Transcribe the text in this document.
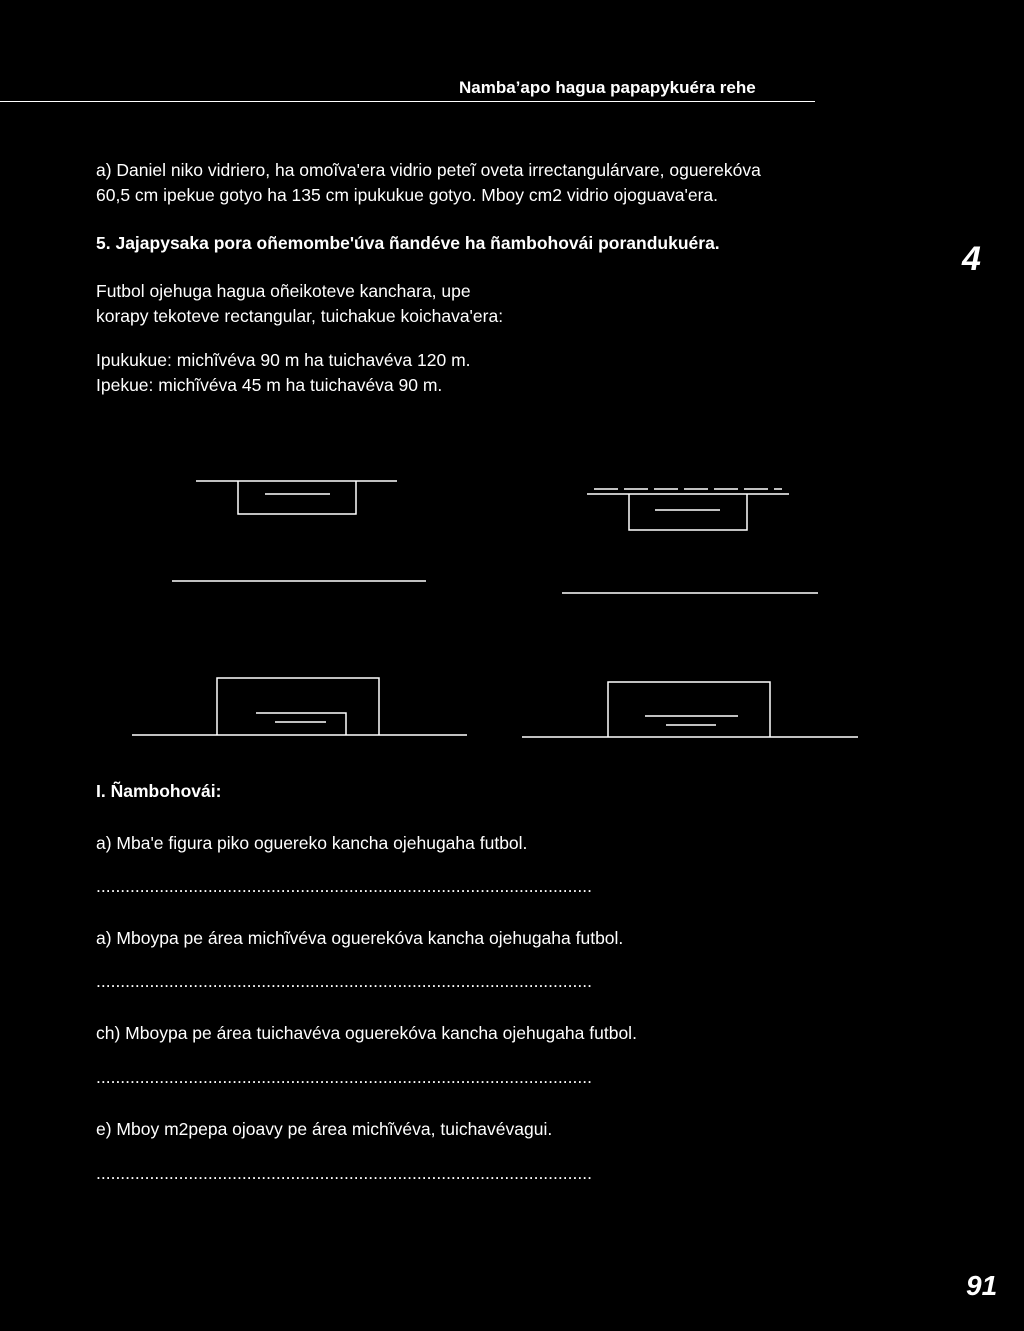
Namba’apo hagua papapykuéra rehe
a) Daniel niko vidriero, ha omoĩva'era vidrio peteĩ oveta irrectangulárvare, oguerekóva
60,5 cm ipekue gotyo ha 135 cm ipukukue gotyo. Mboy cm2 vidrio ojoguava'era.
5. Jajapysaka pora oñemombe'úva ñandéve ha ñambohovái porandukuéra.
Futbol ojehuga hagua oñeikoteve kanchara, upe
korapy tekoteve rectangular, tuichakue koichava'era:
Ipukukue: michĩvéva 90 m ha tuichavéva 120 m.
Ipekue: michĩvéva 45 m ha tuichavéva 90 m.
4
I. Ñambohovái:
a) Mba'e figura piko oguereko kancha ojehugaha futbol.
......................................................................................................
a) Mboypa pe área michĩvéva oguerekóva kancha ojehugaha futbol.
......................................................................................................
ch) Mboypa pe área tuichavéva oguerekóva kancha ojehugaha futbol.
......................................................................................................
e) Mboy m2pepa ojoavy pe área michĩvéva, tuichavévagui.
......................................................................................................
91
